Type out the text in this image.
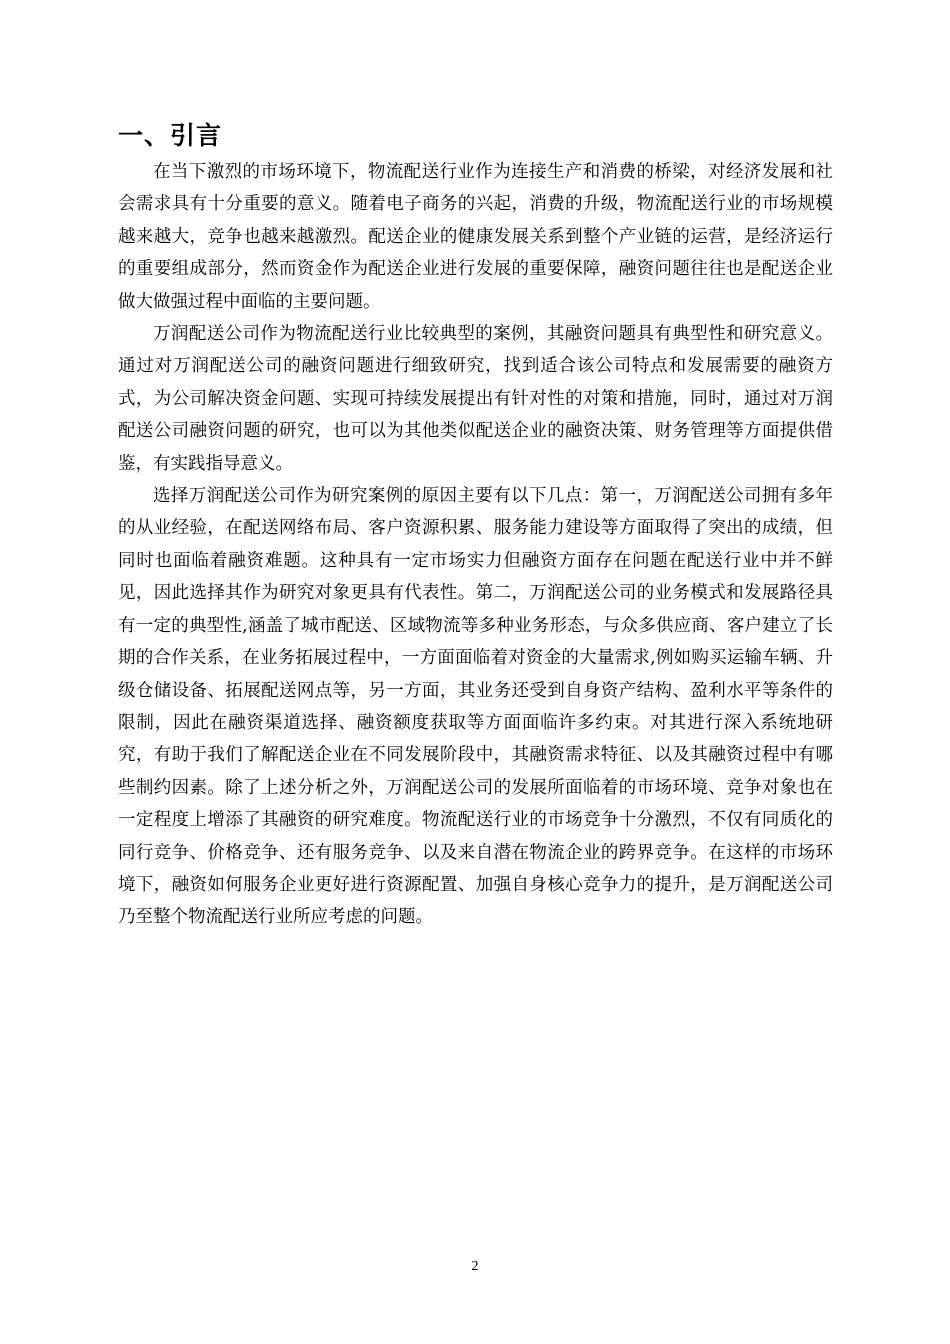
一、引言

在当下激烈的市场环境下，物流配送行业作为连接生产和消费的桥梁，对经济发展和社会需求具有十分重要的意义。随着电子商务的兴起，消费的升级，物流配送行业的市场规模越来越大，竞争也越来越激烈。配送企业的健康发展关系到整个产业链的运营，是经济运行的重要组成部分，然而资金作为配送企业进行发展的重要保障，融资问题往往也是配送企业做大做强过程中面临的主要问题。

万润配送公司作为物流配送行业比较典型的案例，其融资问题具有典型性和研究意义。通过对万润配送公司的融资问题进行细致研究，找到适合该公司特点和发展需要的融资方式，为公司解决资金问题、实现可持续发展提出有针对性的对策和措施，同时，通过对万润配送公司融资问题的研究，也可以为其他类似配送企业的融资决策、财务管理等方面提供借鉴，有实践指导意义。

选择万润配送公司作为研究案例的原因主要有以下几点：第一，万润配送公司拥有多年的从业经验，在配送网络布局、客户资源积累、服务能力建设等方面取得了突出的成绩，但同时也面临着融资难题。这种具有一定市场实力但融资方面存在问题在配送行业中并不鲜见，因此选择其作为研究对象更具有代表性。第二，万润配送公司的业务模式和发展路径具有一定的典型性,涵盖了城市配送、区域物流等多种业务形态，与众多供应商、客户建立了长期的合作关系，在业务拓展过程中，一方面面临着对资金的大量需求,例如购买运输车辆、升级仓储设备、拓展配送网点等，另一方面，其业务还受到自身资产结构、盈利水平等条件的限制，因此在融资渠道选择、融资额度获取等方面面临许多约束。对其进行深入系统地研究，有助于我们了解配送企业在不同发展阶段中，其融资需求特征、以及其融资过程中有哪些制约因素。除了上述分析之外，万润配送公司的发展所面临着的市场环境、竞争对象也在一定程度上增添了其融资的研究难度。物流配送行业的市场竞争十分激烈，不仅有同质化的同行竞争、价格竞争、还有服务竞争、以及来自潜在物流企业的跨界竞争。在这样的市场环境下，融资如何服务企业更好进行资源配置、加强自身核心竞争力的提升，是万润配送公司乃至整个物流配送行业所应考虑的问题。

2
